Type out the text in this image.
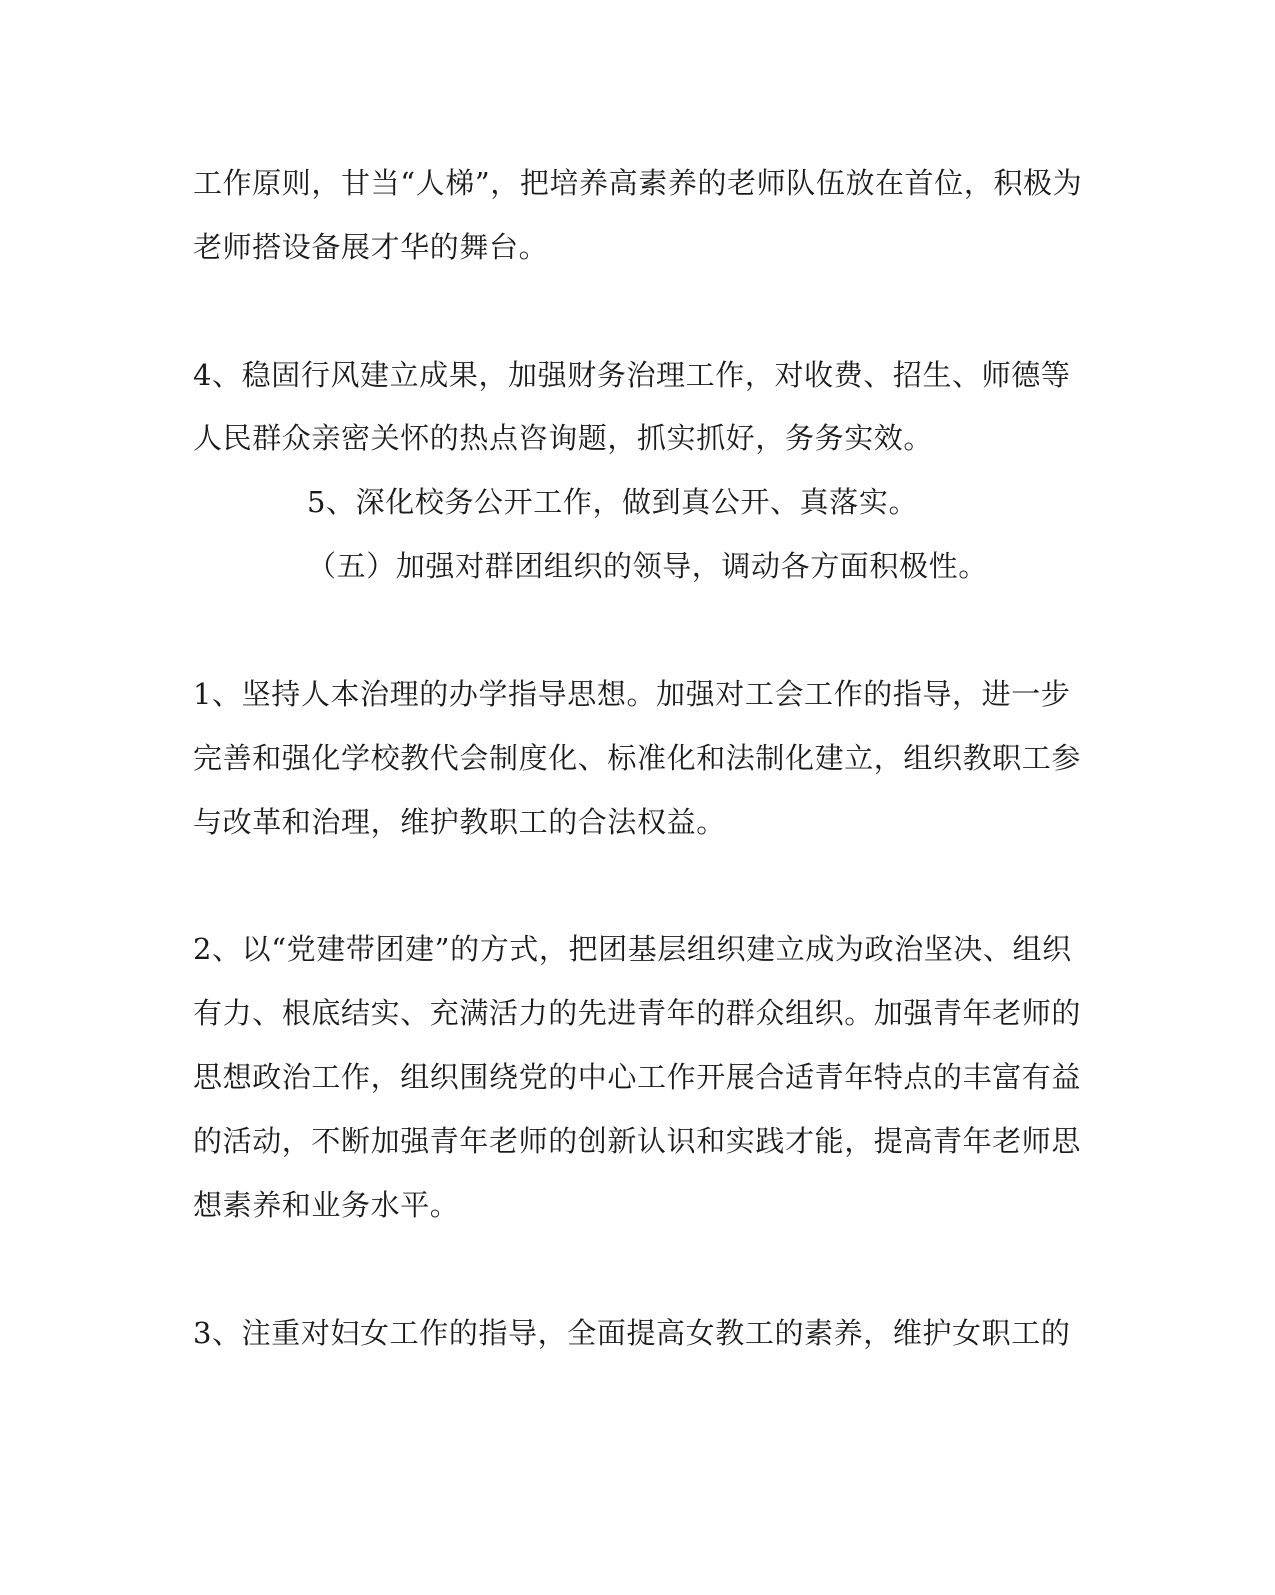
工作原则，甘当“人梯”，把培养高素养的老师队伍放在首位，积极为
老师搭设备展才华的舞台。
4、稳固行风建立成果，加强财务治理工作，对收费、招生、师德等
人民群众亲密关怀的热点咨询题，抓实抓好，务务实效。
5、深化校务公开工作，做到真公开、真落实。
（五）加强对群团组织的领导，调动各方面积极性。
1、坚持人本治理的办学指导思想。加强对工会工作的指导，进一步
完善和强化学校教代会制度化、标准化和法制化建立，组织教职工参
与改革和治理，维护教职工的合法权益。
2、以“党建带团建”的方式，把团基层组织建立成为政治坚决、组织
有力、根底结实、充满活力的先进青年的群众组织。加强青年老师的
思想政治工作，组织围绕党的中心工作开展合适青年特点的丰富有益
的活动，不断加强青年老师的创新认识和实践才能，提高青年老师思
想素养和业务水平。
3、注重对妇女工作的指导，全面提高女教工的素养，维护女职工的
